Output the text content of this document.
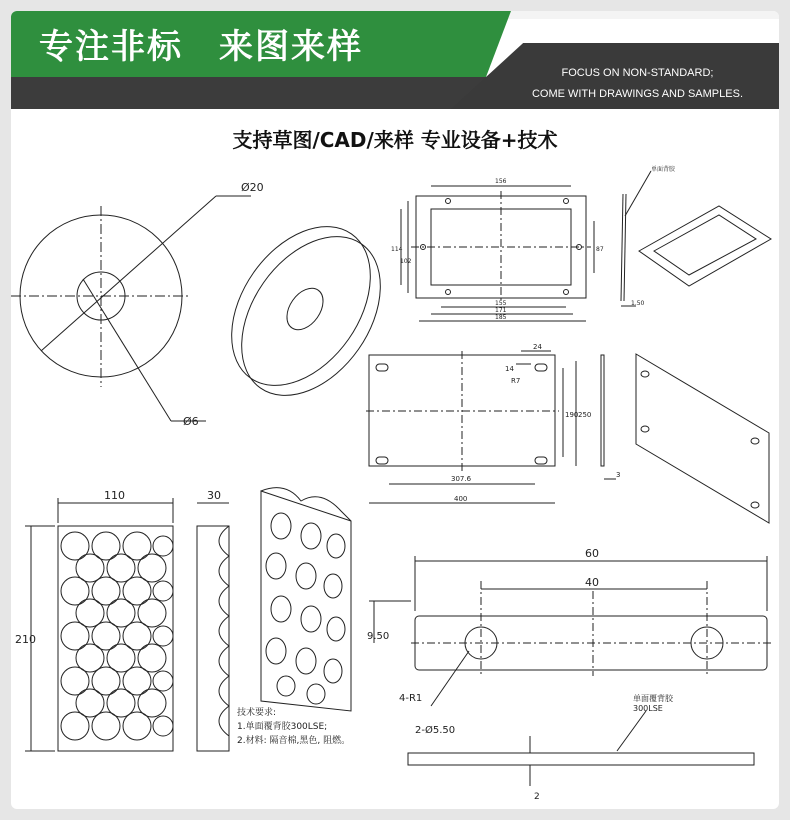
专注非标　来图来样
FOCUS ON NON-STANDARD;
COME WITH DRAWINGS AND SAMPLES.
支持草图/CAD/来样 专业设备+技术
Ø20
Ø6
156
114
102
87
155
171
185
1.50
单面背胶
24
14
R7
190 250
307.6
400
3
110	30
210
技术要求:
1.单面覆背胶300LSE;
2.材料: 隔音棉,黑色, 阻燃。
60
40
9.50
4-R1
2-Ø5.50
单面覆背胶
300LSE
2
